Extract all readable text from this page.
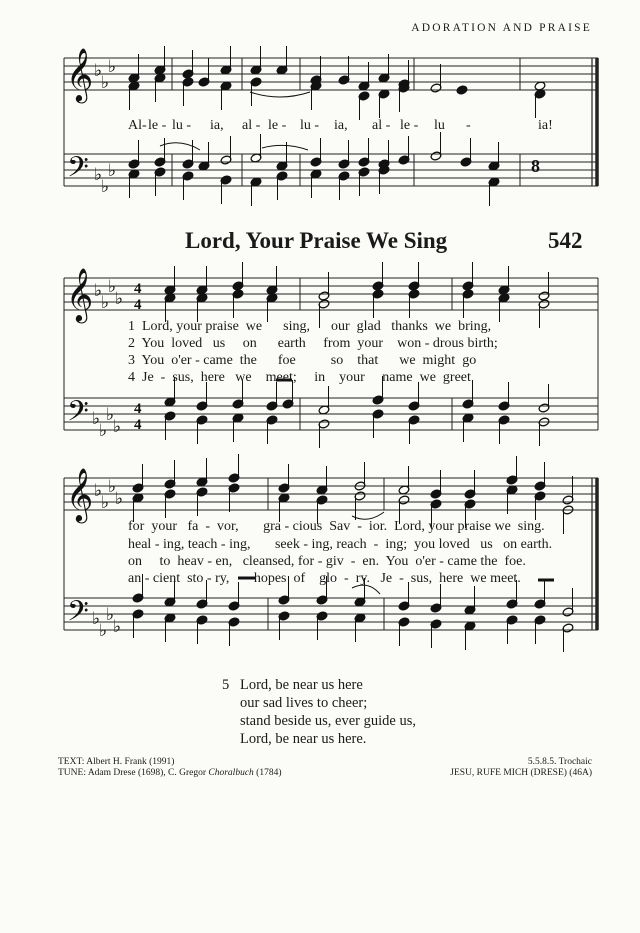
ADORATION AND PRAISE
𝄞
𝄢
♭
♭
♭
♭
♭
♭	8
𝄞
𝄢
♭
♭
♭
♭
♭
♭
♭
♭
4
4
4
4
𝄞
𝄢
♭
♭
♭
♭
♭
♭
♭
♭
Al- le - lu - ia, al - le - lu - ia, al - le - lu -	ia!
Lord, Your Praise We Sing	542
1  Lord, your praise  we      sing,      our  glad   thanks  we  bring,
2  You  loved   us     on      earth     from  your    won - drous birth;
3  You  o'er - came  the      foe          so    that      we  might  go
4  Je  -  sus,  here   we    meet;     in    your     name  we  greet
for  your   fa  -  vor,       gra - cious  Sav  -  ior.  Lord, your praise we  sing.
heal - ing, teach - ing,       seek - ing, reach  -  ing;  you loved   us   on earth.
on     to  heav - en,   cleansed, for - giv  -  en.  You  o'er - came the  foe.
an - cient  sto - ry,       hopes  of    glo  -  ry.   Je  -  sus,  here  we meet.
5 Lord, be near us here
our sad lives to cheer;
stand beside us, ever guide us,
Lord, be near us here.
TEXT: Albert H. Frank (1991)
TUNE: Adam Drese (1698), C. Gregor Choralbuch (1784)
5.5.8.5. Trochaic
JESU, RUFE MICH (DRESE) (46A)
